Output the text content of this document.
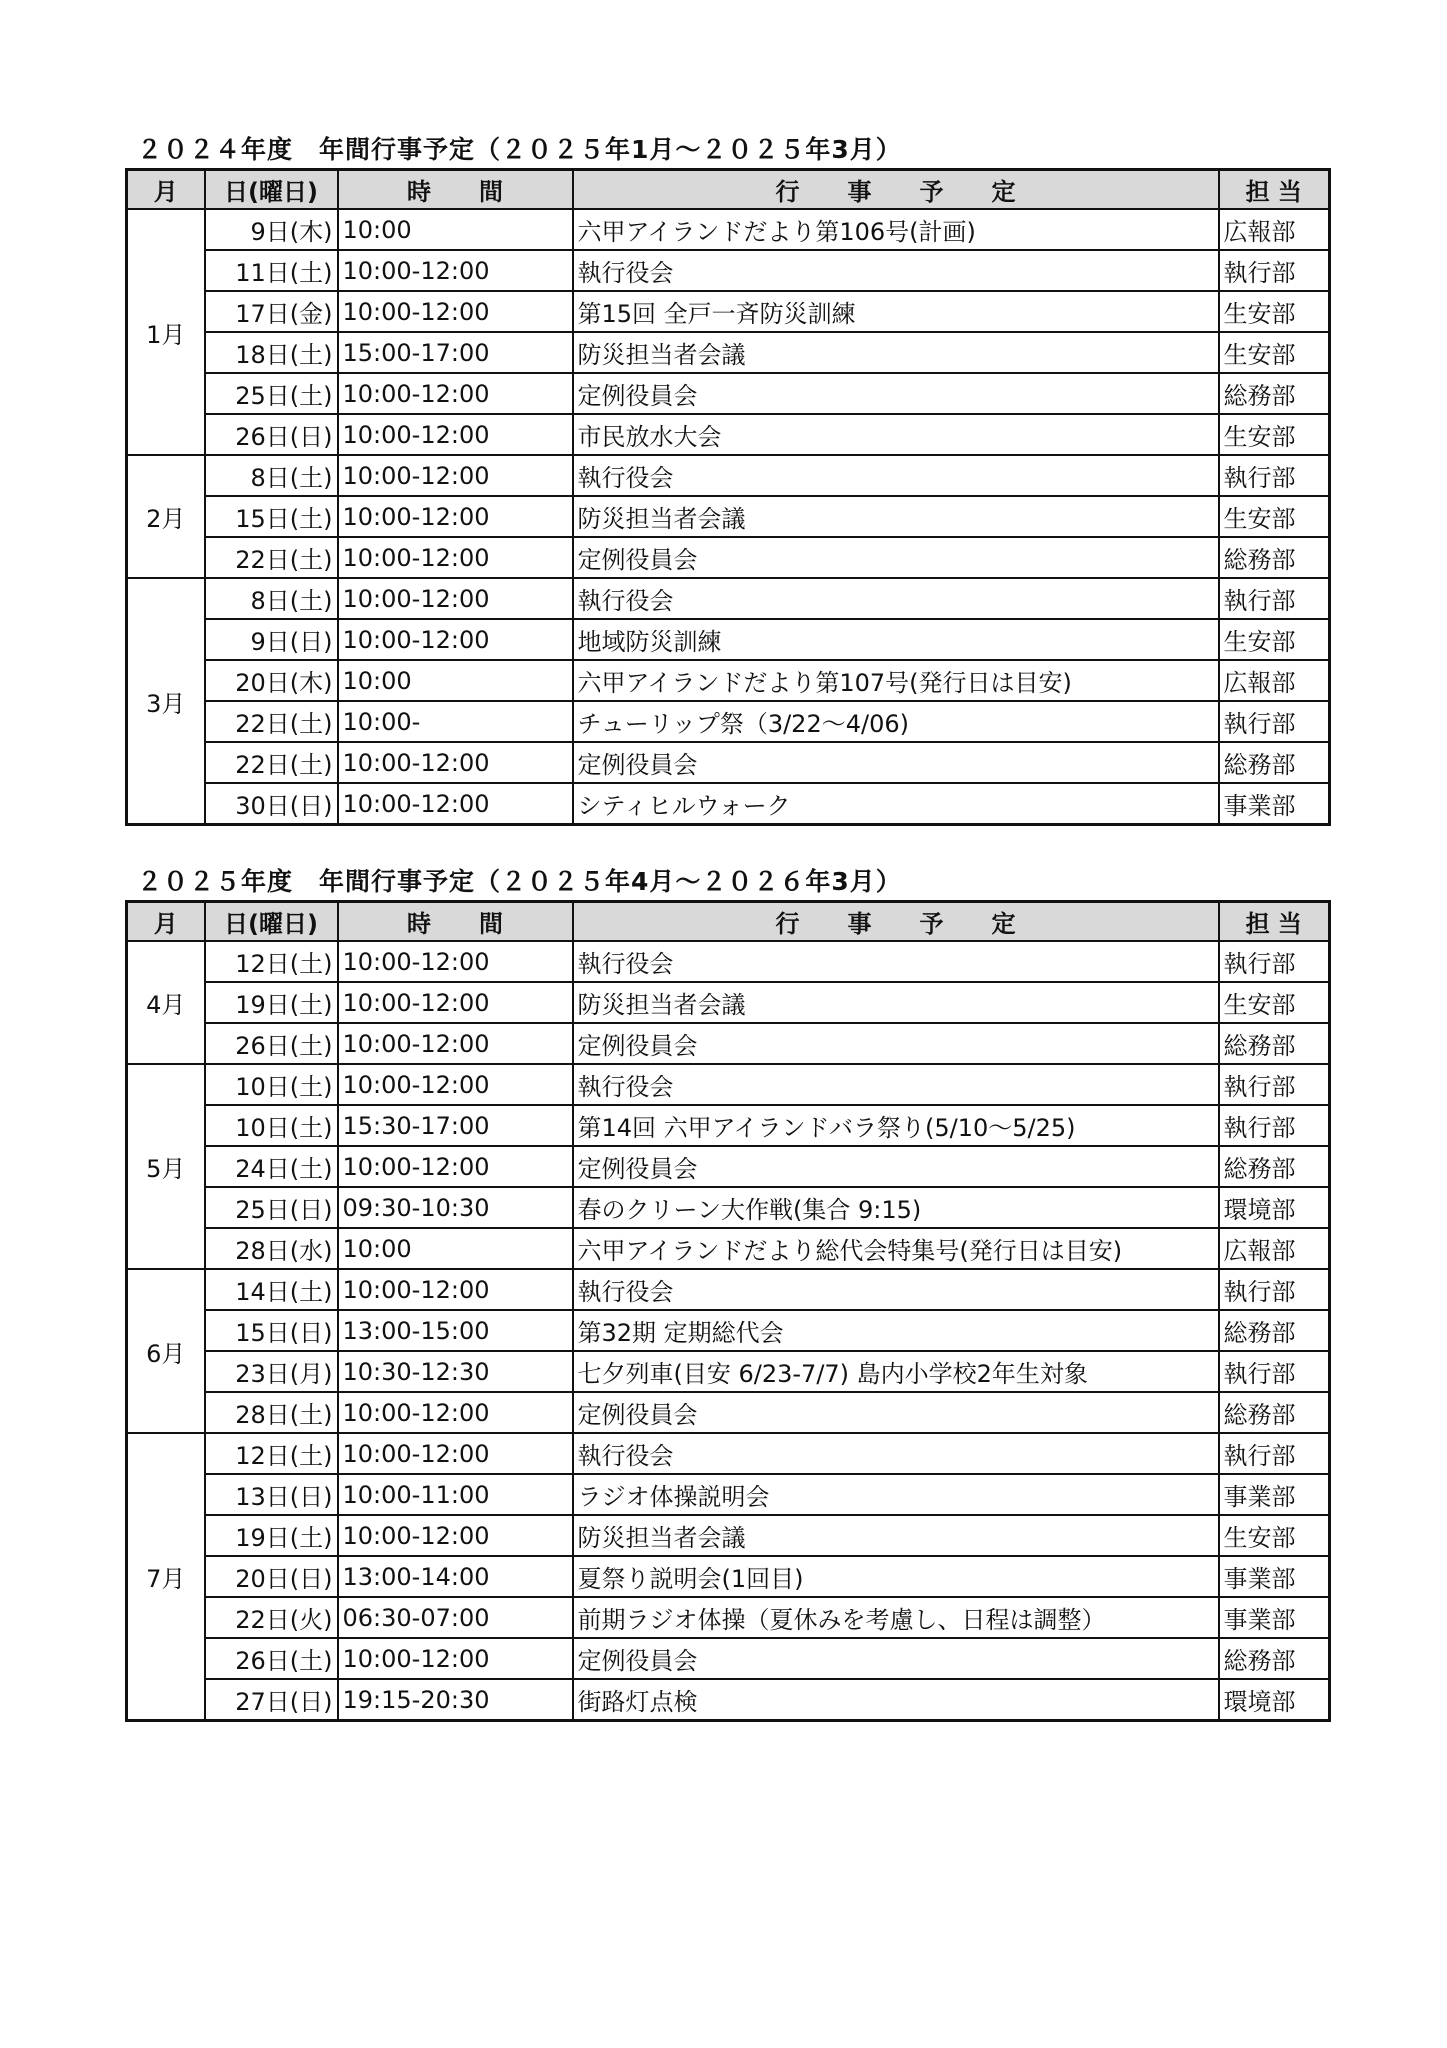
２０２４年度　年間行事予定（２０２５年1月～２０２５年3月）
月	日(曜日)	時　　間	行　　事　　予　　定	担 当
1月	9日(木)	10:00	六甲アイランドだより第106号(計画)	広報部
	11日(土)	10:00-12:00	執行役会	執行部
	17日(金)	10:00-12:00	第15回 全戸一斉防災訓練	生安部
	18日(土)	15:00-17:00	防災担当者会議	生安部
	25日(土)	10:00-12:00	定例役員会	総務部
	26日(日)	10:00-12:00	市民放水大会	生安部
2月	8日(土)	10:00-12:00	執行役会	執行部
	15日(土)	10:00-12:00	防災担当者会議	生安部
	22日(土)	10:00-12:00	定例役員会	総務部
3月	8日(土)	10:00-12:00	執行役会	執行部
	9日(日)	10:00-12:00	地域防災訓練	生安部
	20日(木)	10:00	六甲アイランドだより第107号(発行日は目安)	広報部
	22日(土)	10:00-	チューリップ祭（3/22～4/06)	執行部
	22日(土)	10:00-12:00	定例役員会	総務部
	30日(日)	10:00-12:00	シティヒルウォーク	事業部
２０２５年度　年間行事予定（２０２５年4月～２０２６年3月）
月	日(曜日)	時　　間	行　　事　　予　　定	担 当
4月	12日(土)	10:00-12:00	執行役会	執行部
	19日(土)	10:00-12:00	防災担当者会議	生安部
	26日(土)	10:00-12:00	定例役員会	総務部
5月	10日(土)	10:00-12:00	執行役会	執行部
	10日(土)	15:30-17:00	第14回 六甲アイランドバラ祭り(5/10～5/25)	執行部
	24日(土)	10:00-12:00	定例役員会	総務部
	25日(日)	09:30-10:30	春のクリーン大作戦(集合 9:15)	環境部
	28日(水)	10:00	六甲アイランドだより総代会特集号(発行日は目安)	広報部
6月	14日(土)	10:00-12:00	執行役会	執行部
	15日(日)	13:00-15:00	第32期 定期総代会	総務部
	23日(月)	10:30-12:30	七夕列車(目安 6/23-7/7) 島内小学校2年生対象	執行部
	28日(土)	10:00-12:00	定例役員会	総務部
7月	12日(土)	10:00-12:00	執行役会	執行部
	13日(日)	10:00-11:00	ラジオ体操説明会	事業部
	19日(土)	10:00-12:00	防災担当者会議	生安部
	20日(日)	13:00-14:00	夏祭り説明会(1回目)	事業部
	22日(火)	06:30-07:00	前期ラジオ体操（夏休みを考慮し、日程は調整）	事業部
	26日(土)	10:00-12:00	定例役員会	総務部
	27日(日)	19:15-20:30	街路灯点検	環境部
